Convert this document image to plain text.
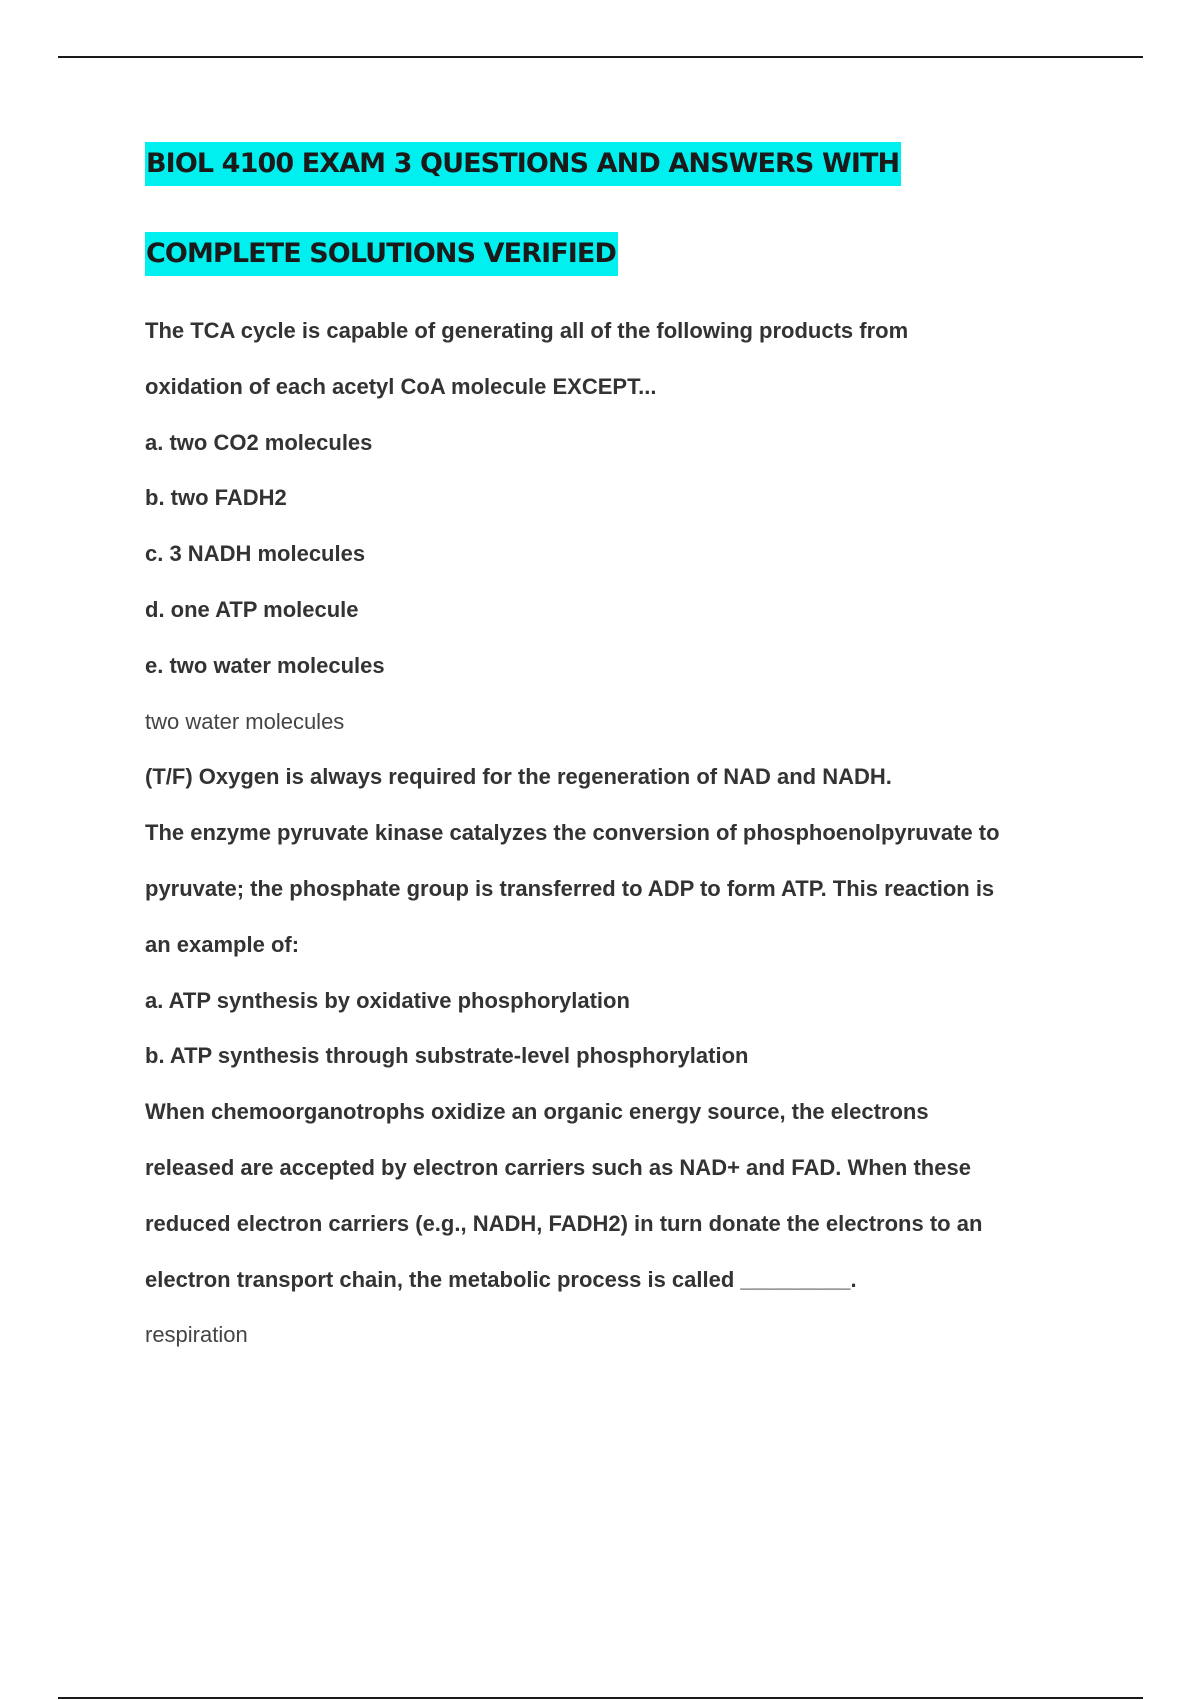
BIOL 4100 EXAM 3 QUESTIONS AND ANSWERS WITH
COMPLETE SOLUTIONS VERIFIED
The TCA cycle is capable of generating all of the following products from
oxidation of each acetyl CoA molecule EXCEPT...
a. two CO2 molecules
b. two FADH2
c. 3 NADH molecules
d. one ATP molecule
e. two water molecules
two water molecules
(T/F) Oxygen is always required for the regeneration of NAD and NADH.
The enzyme pyruvate kinase catalyzes the conversion of phosphoenolpyruvate to
pyruvate; the phosphate group is transferred to ADP to form ATP. This reaction is
an example of:
a. ATP synthesis by oxidative phosphorylation
b. ATP synthesis through substrate-level phosphorylation
When chemoorganotrophs oxidize an organic energy source, the electrons
released are accepted by electron carriers such as NAD+ and FAD. When these
reduced electron carriers (e.g., NADH, FADH2) in turn donate the electrons to an
electron transport chain, the metabolic process is called _________.
respiration
